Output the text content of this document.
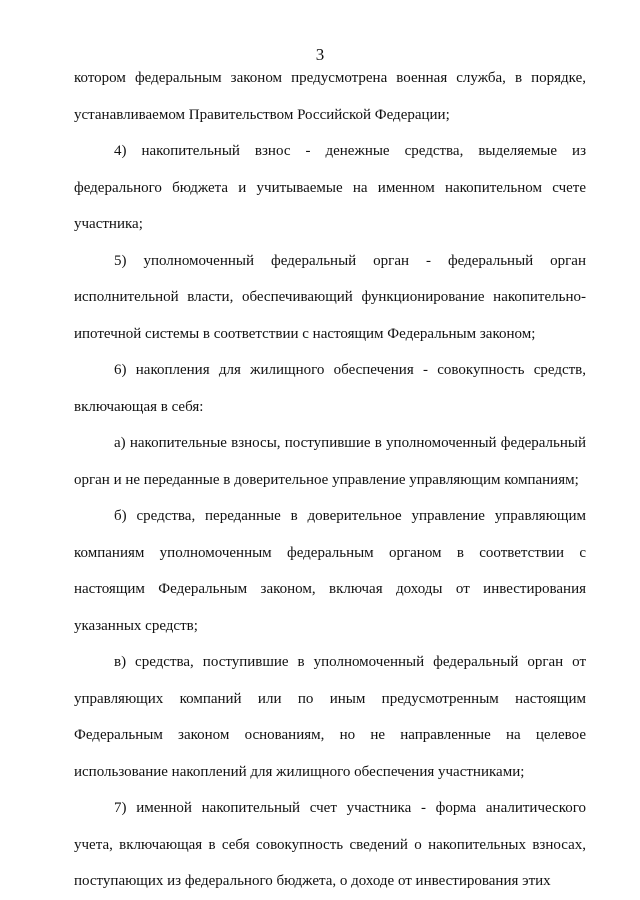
3

котором федеральным законом предусмотрена военная служба, в порядке, устанавливаемом Правительством Российской Федерации;

4) накопительный взнос - денежные средства, выделяемые из федерального бюджета и учитываемые на именном накопительном счете участника;

5) уполномоченный федеральный орган - федеральный орган исполнительной власти, обеспечивающий функционирование накопительно-ипотечной системы в соответствии с настоящим Федеральным законом;

6) накопления для жилищного обеспечения - совокупность средств, включающая в себя:

а) накопительные взносы, поступившие в уполномоченный федеральный орган и не переданные в доверительное управление управляющим компаниям;

б) средства, переданные в доверительное управление управляющим компаниям уполномоченным федеральным органом в соответствии с настоящим Федеральным законом, включая доходы от инвестирования указанных средств;

в) средства, поступившие в уполномоченный федеральный орган от управляющих компаний или по иным предусмотренным настоящим Федеральным законом основаниям, но не направленные на целевое использование накоплений для жилищного обеспечения участниками;

7) именной накопительный счет участника - форма аналитического учета, включающая в себя совокупность сведений о накопительных взносах, поступающих из федерального бюджета, о доходе от инвестирования этих
